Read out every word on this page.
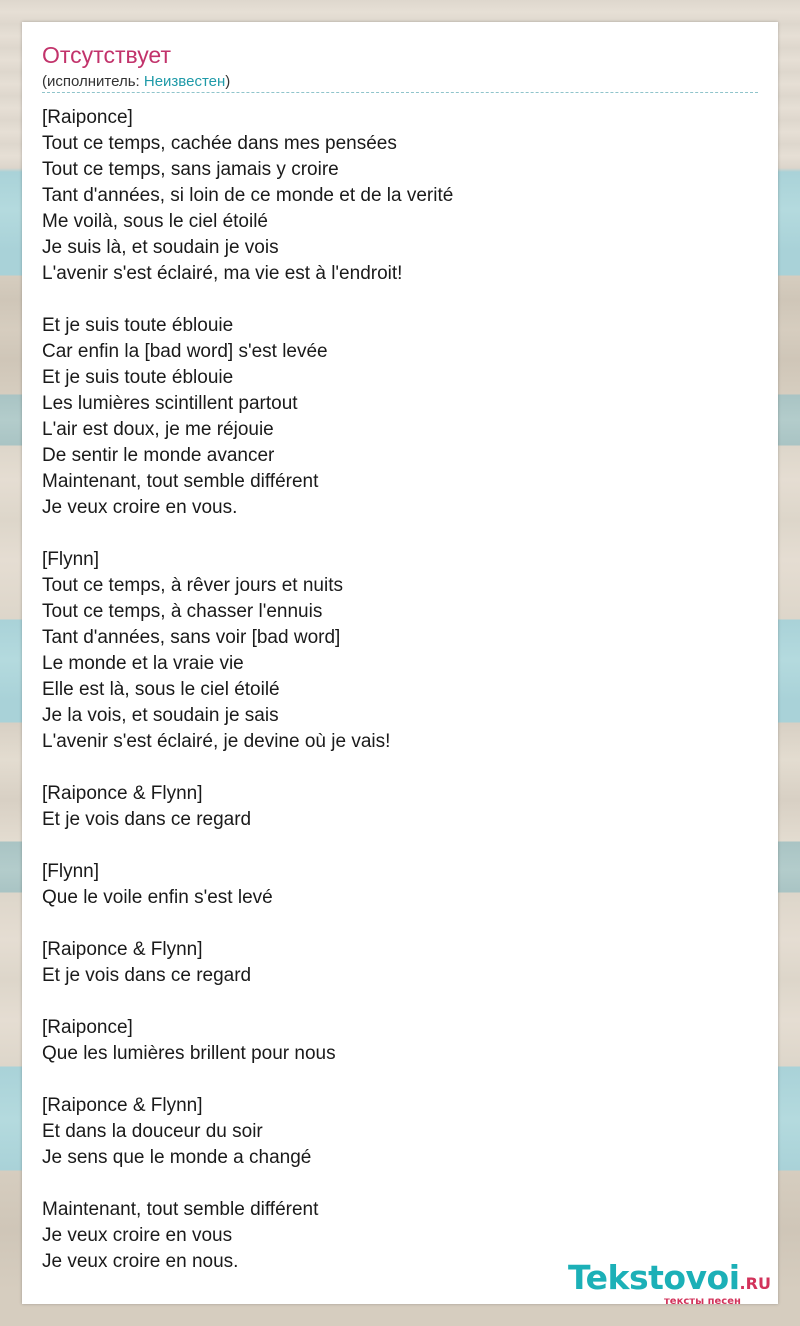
Отсутствует
(исполнитель: Неизвестен)
[Raiponce]
Tout ce temps, cachée dans mes pensées
Tout ce temps, sans jamais y croire
Tant d'années, si loin de ce monde et de la verité
Me voilà, sous le ciel étoilé
Je suis là, et soudain je vois
L'avenir s'est éclairé, ma vie est à l'endroit!
Et je suis toute éblouie
Car enfin la [bad word] s'est levée
Et je suis toute éblouie
Les lumières scintillent partout
L'air est doux, je me réjouie
De sentir le monde avancer
Maintenant, tout semble différent
Je veux croire en vous.
[Flynn]
Tout ce temps, à rêver jours et nuits
Tout ce temps, à chasser l'ennuis
Tant d'années, sans voir [bad word]
Le monde et la vraie vie
Elle est là, sous le ciel étoilé
Je la vois, et soudain je sais
L'avenir s'est éclairé, je devine où je vais!
[Raiponce & Flynn]
Et je vois dans ce regard
[Flynn]
Que le voile enfin s'est levé
[Raiponce & Flynn]
Et je vois dans ce regard
[Raiponce]
Que les lumières brillent pour nous
[Raiponce & Flynn]
Et dans la douceur du soir
Je sens que le monde a changé
Maintenant, tout semble différent
Je veux croire en vous
Je veux croire en nous.	Tekstovoi.RU
тексты песен
